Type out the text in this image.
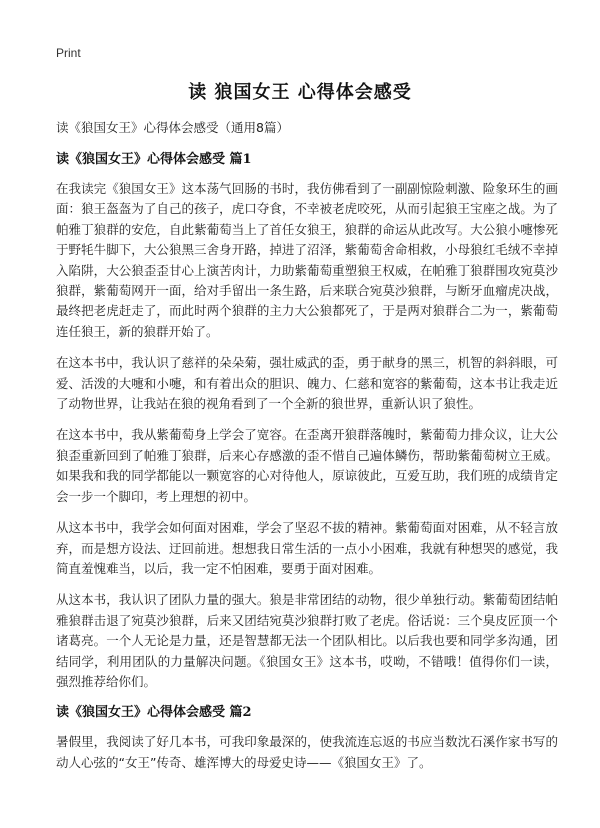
Print
读 狼国女王 心得体会感受
读《狼国女王》心得体会感受（通用8篇）
读《狼国女王》心得体会感受 篇1

在我读完《狼国女王》这本荡气回肠的书时，我仿佛看到了一副副惊险刺激、险象环生的画面：狼王盔盔为了自己的孩子，虎口夺食，不幸被老虎咬死，从而引起狼王宝座之战。为了帕雅丁狼群的安危，自此紫葡萄当上了首任女狼王，狼群的命运从此改写。大公狼小嚏惨死于野牦牛脚下，大公狼黑三舍身开路，掉进了沼泽，紫葡萄舍命相救，小母狼红毛绒不幸掉入陷阱，大公狼歪歪甘心上演苦肉计，力助紫葡萄重塑狼王权威，在帕雅丁狼群围攻宛莫沙狼群，紫葡萄网开一面，给对手留出一条生路，后来联合宛莫沙狼群，与断牙血瘤虎决战，最终把老虎赶走了，而此时两个狼群的主力大公狼都死了，于是两对狼群合二为一，紫葡萄连任狼王，新的狼群开始了。

在这本书中，我认识了慈祥的朵朵菊，强壮威武的歪，勇于献身的黑三，机智的斜斜眼，可爱、活泼的大嚏和小嚏，和有着出众的胆识、魄力、仁慈和宽容的紫葡萄，这本书让我走近了动物世界，让我站在狼的视角看到了一个全新的狼世界，重新认识了狼性。

在这本书中，我从紫葡萄身上学会了宽容。在歪离开狼群落魄时，紫葡萄力排众议，让大公狼歪重新回到了帕雅丁狼群，后来心存感激的歪不惜自己遍体鳞伤，帮助紫葡萄树立王威。如果我和我的同学都能以一颗宽容的心对待他人，原谅彼此，互爱互助，我们班的成绩肯定会一步一个脚印，考上理想的初中。

从这本书中，我学会如何面对困难，学会了坚忍不拔的精神。紫葡萄面对困难，从不轻言放弃，而是想方设法、迂回前进。想想我日常生活的一点小小困难，我就有种想哭的感觉，我简直羞愧难当，以后，我一定不怕困难，要勇于面对困难。

从这本书，我认识了团队力量的强大。狼是非常团结的动物，很少单独行动。紫葡萄团结帕雅狼群击退了宛莫沙狼群，后来又团结宛莫沙狼群打败了老虎。俗话说：三个臭皮匠顶一个诸葛亮。一个人无论是力量，还是智慧都无法一个团队相比。以后我也要和同学多沟通，团结同学，利用团队的力量解决问题。《狼国女王》这本书，哎呦，不错哦！值得你们一读，强烈推荐给你们。

读《狼国女王》心得体会感受 篇2

暑假里，我阅读了好几本书，可我印象最深的，使我流连忘返的书应当数沈石溪作家书写的动人心弦的“女王”传奇、雄浑博大的母爱史诗——《狼国女王》了。
